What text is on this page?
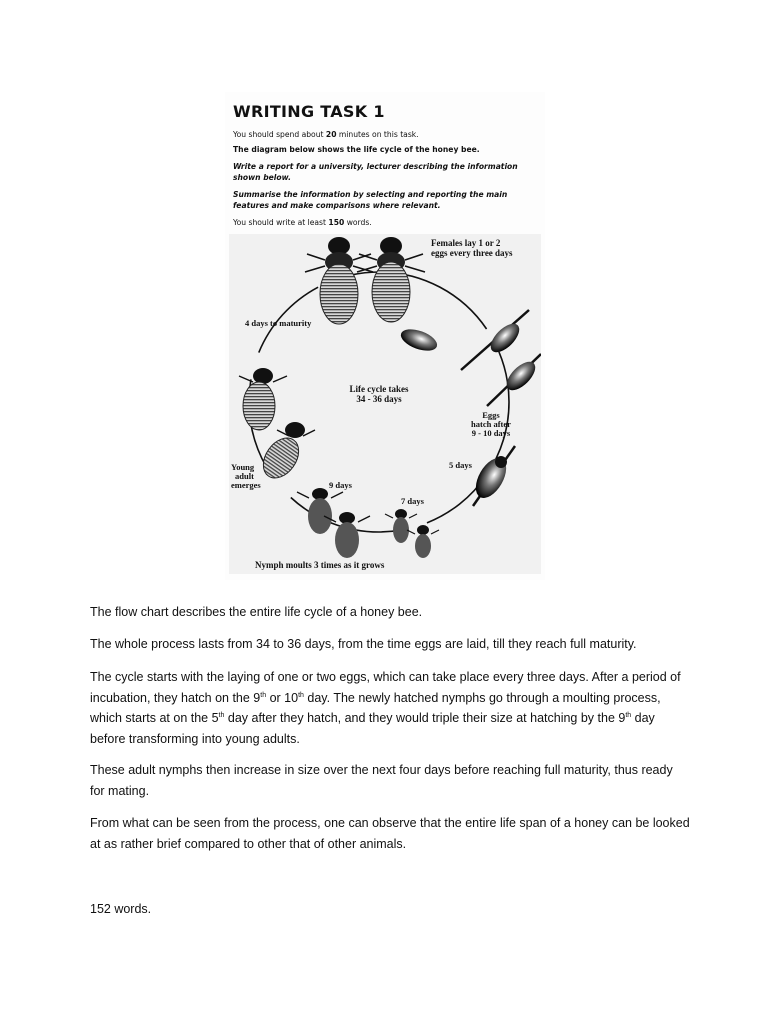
WRITING TASK 1
You should spend about 20 minutes on this task.
The diagram below shows the life cycle of the honey bee.
Write a report for a university, lecturer describing the information
shown below.
Summarise the information by selecting and reporting the main
features and make comparisons where relevant.
You should write at least 150 words.
Females lay 1 or 2
eggs every three days
4 days to maturity
Life cycle takes
34 - 36 days
Eggs
hatch after
9 - 10 days
5 days
Young
adult
emerges	9 days
7 days
Nymph moults 3 times as it grows
The flow chart describes the entire life cycle of a honey bee.
The whole process lasts from 34 to 36 days, from the time eggs are laid, till they reach full maturity.
The cycle starts with the laying of one or two eggs, which can take place every three days. After a period of incubation, they hatch on the 9th or 10th day. The newly hatched nymphs go through a moulting process, which starts at on the 5th day after they hatch, and they would triple their size at hatching by the 9th day before transforming into young adults.
These adult nymphs then increase in size over the next four days before reaching full maturity, thus ready for mating.
From what can be seen from the process, one can observe that the entire life span of a honey can be looked at as rather brief compared to other that of other animals.
152 words.
